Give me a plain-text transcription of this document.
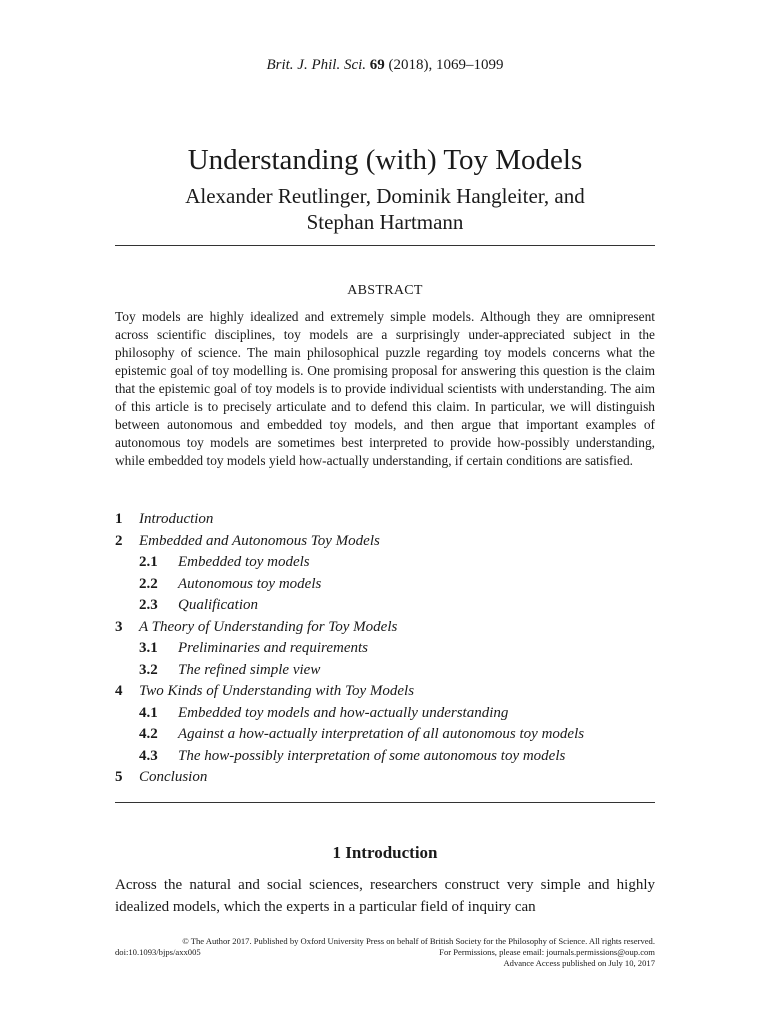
Brit. J. Phil. Sci. 69 (2018), 1069–1099
Understanding (with) Toy Models
Alexander Reutlinger, Dominik Hangleiter, and
Stephan Hartmann
ABSTRACT
Toy models are highly idealized and extremely simple models. Although they are omnipresent across scientific disciplines, toy models are a surprisingly under-appreciated subject in the philosophy of science. The main philosophical puzzle regarding toy models concerns what the epistemic goal of toy modelling is. One promising proposal for answering this question is the claim that the epistemic goal of toy models is to provide individual scientists with understanding. The aim of this article is to precisely articulate and to defend this claim. In particular, we will distinguish between autonomous and embedded toy models, and then argue that important examples of autonomous toy models are sometimes best interpreted to provide how-possibly understanding, while embedded toy models yield how-actually understanding, if certain conditions are satisfied.
1 Introduction
2 Embedded and Autonomous Toy Models
2.1 Embedded toy models
2.2 Autonomous toy models
2.3 Qualification
3 A Theory of Understanding for Toy Models
3.1 Preliminaries and requirements
3.2 The refined simple view
4 Two Kinds of Understanding with Toy Models
4.1 Embedded toy models and how-actually understanding
4.2 Against a how-actually interpretation of all autonomous toy models
4.3 The how-possibly interpretation of some autonomous toy models
5 Conclusion
1 Introduction
Across the natural and social sciences, researchers construct very simple and highly idealized models, which the experts in a particular field of inquiry can
© The Author 2017. Published by Oxford University Press on behalf of British Society for the Philosophy of Science. All rights reserved.
doi:10.1093/bjps/axx005	For Permissions, please email: journals.permissions@oup.com
Advance Access published on July 10, 2017
